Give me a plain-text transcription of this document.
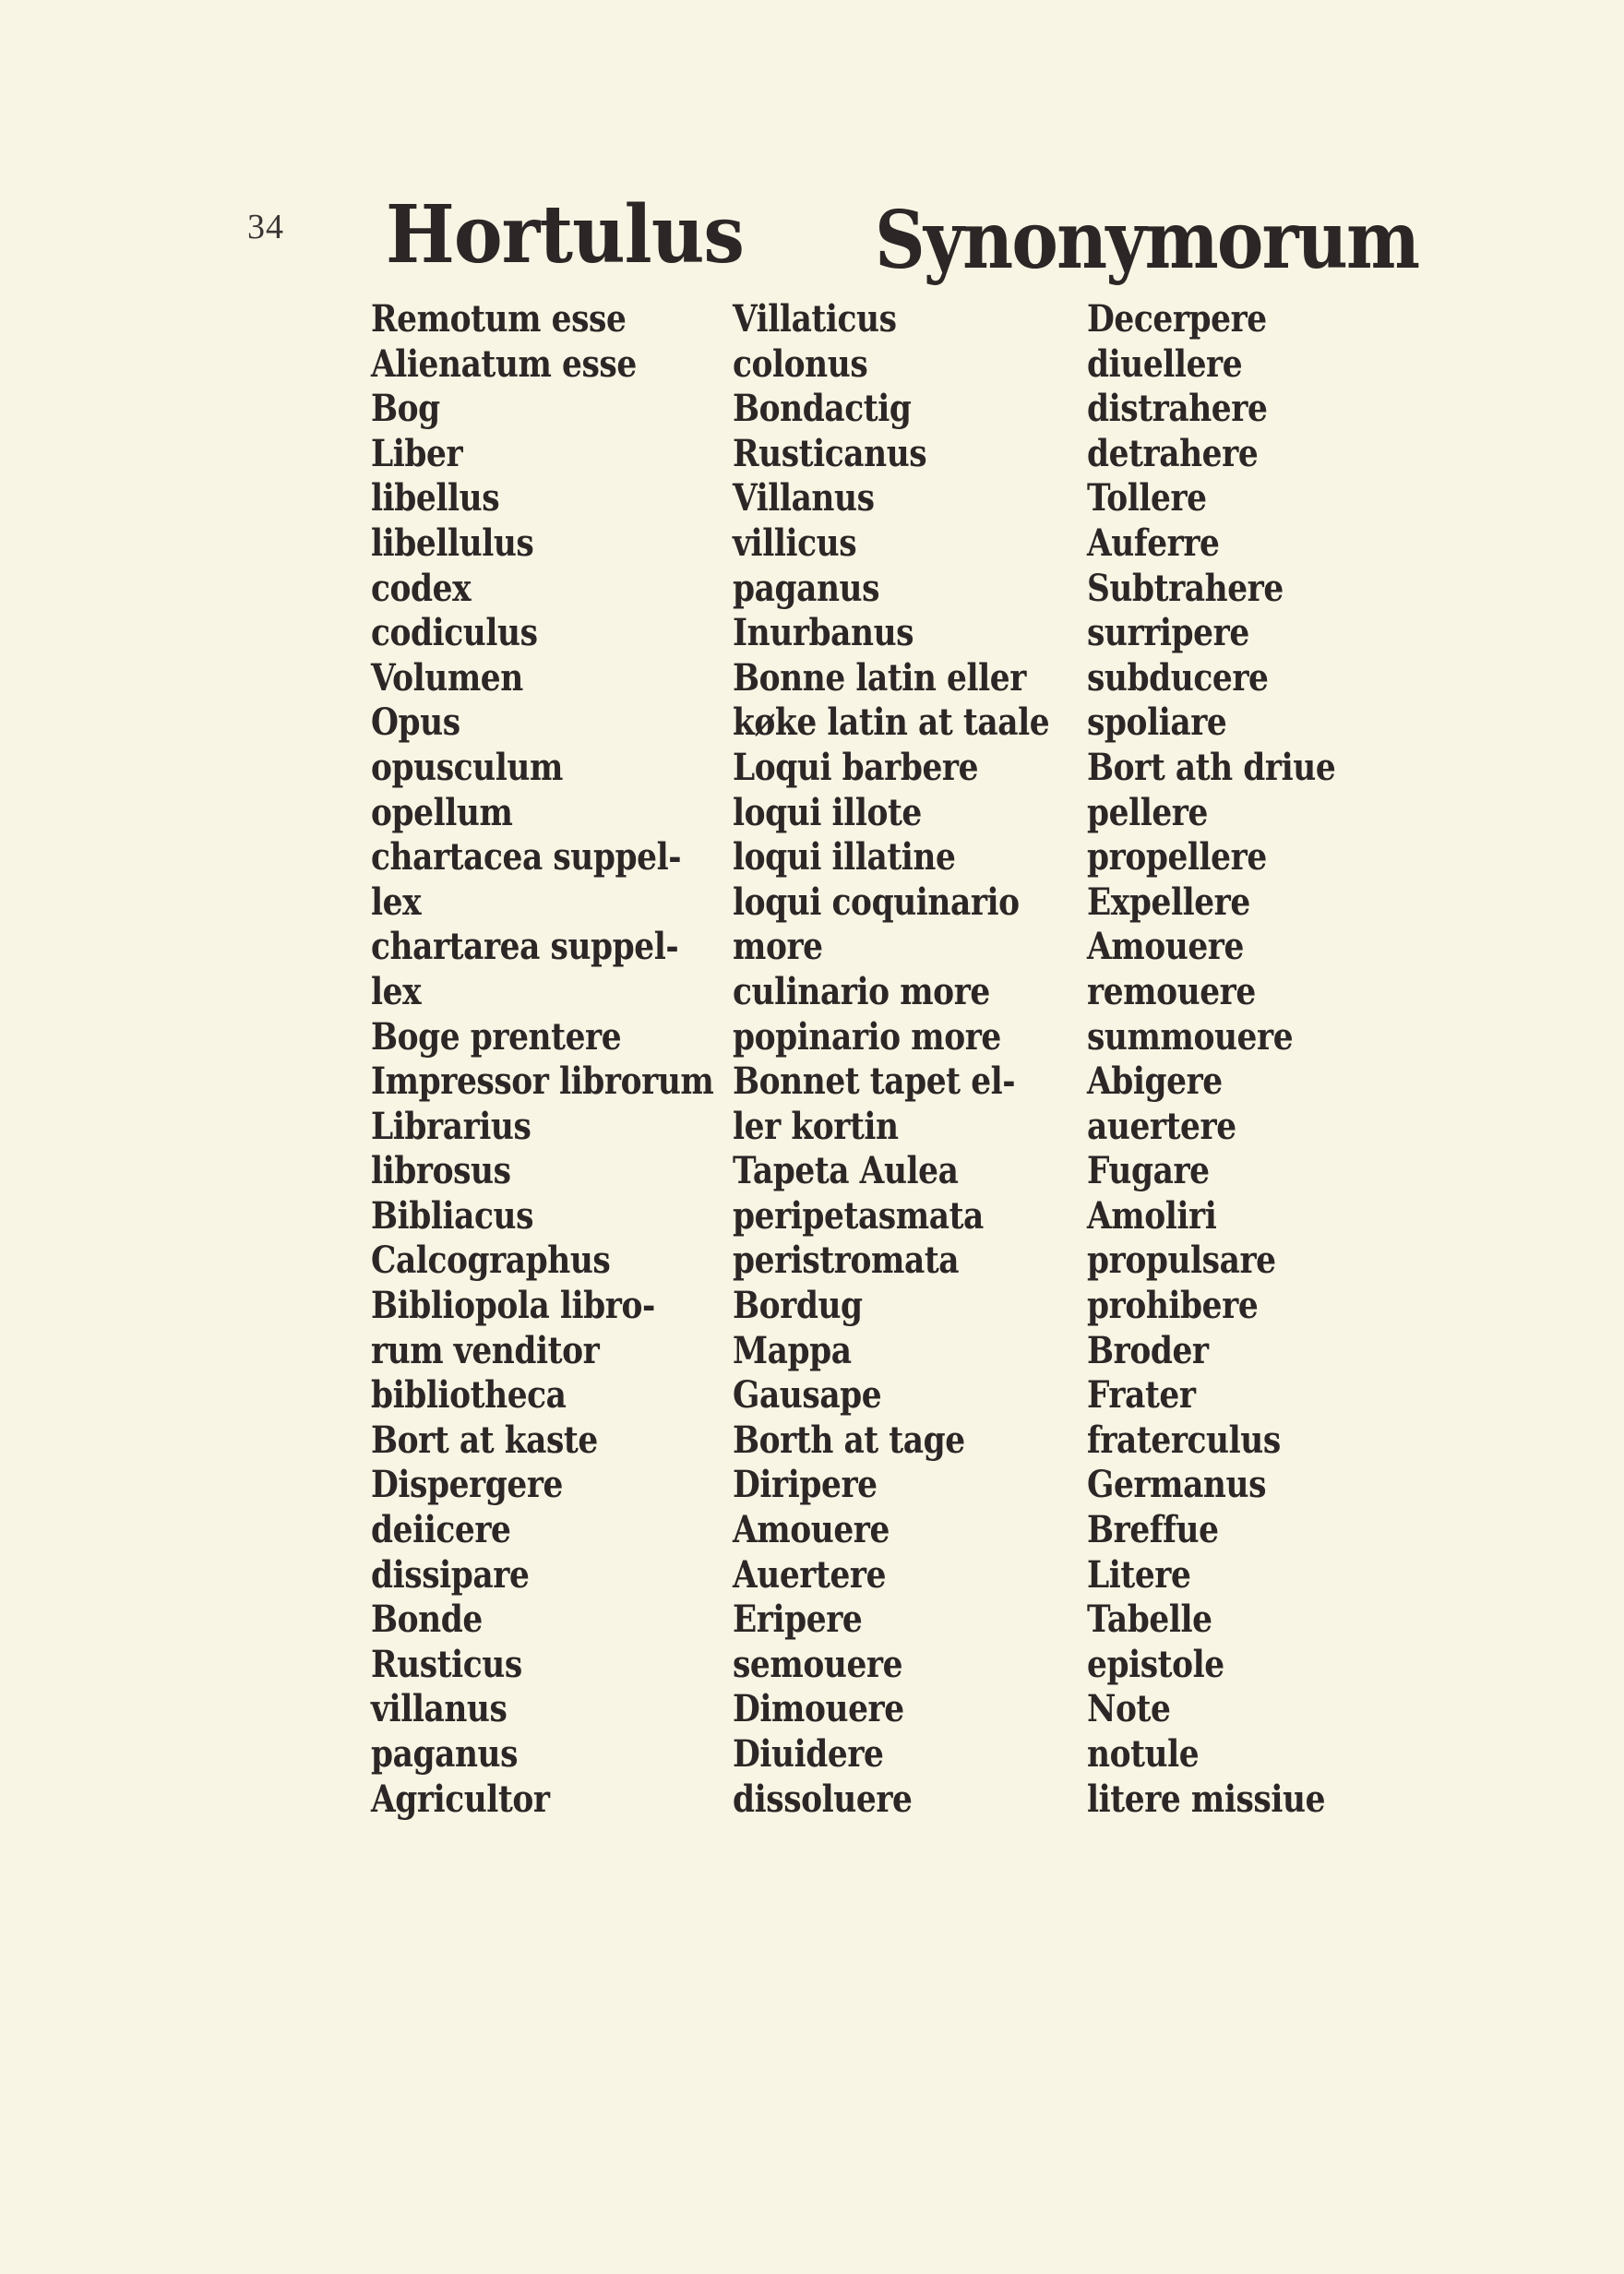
34 Hortulus Synonymorum
Remotum esse
Alienatum esse
Bog
Liber
libellus
libellulus
codex
codiculus
Volumen
Opus
opusculum
opellum
chartacea suppel-
lex
chartarea suppel-
lex
Boge prentere
Impressor librorum
Librarius
librosus
Bibliacus
Calcographus
Bibliopola libro-
rum venditor
bibliotheca
Bort at kaste
Dispergere
deiicere
dissipare
Bonde
Rusticus
villanus
paganus
Agricultor
Villaticus
colonus
Bondactig
Rusticanus
Villanus
villicus
paganus
Inurbanus
Bonne latin eller
køke latin at taale
Loqui barbere
loqui illote
loqui illatine
loqui coquinario
more
culinario more
popinario more
Bonnet tapet el-
ler kortin
Tapeta Aulea
peripetasmata
peristromata
Bordug
Mappa
Gausape
Borth at tage
Diripere
Amouere
Auertere
Eripere
semouere
Dimouere
Diuidere
dissoluere
Decerpere
diuellere
distrahere
detrahere
Tollere
Auferre
Subtrahere
surripere
subducere
spoliare
Bort ath driue
pellere
propellere
Expellere
Amouere
remouere
summouere
Abigere
auertere
Fugare
Amoliri
propulsare
prohibere
Broder
Frater
fraterculus
Germanus
Breffue
Litere
Tabelle
epistole
Note
notule
litere missiue
